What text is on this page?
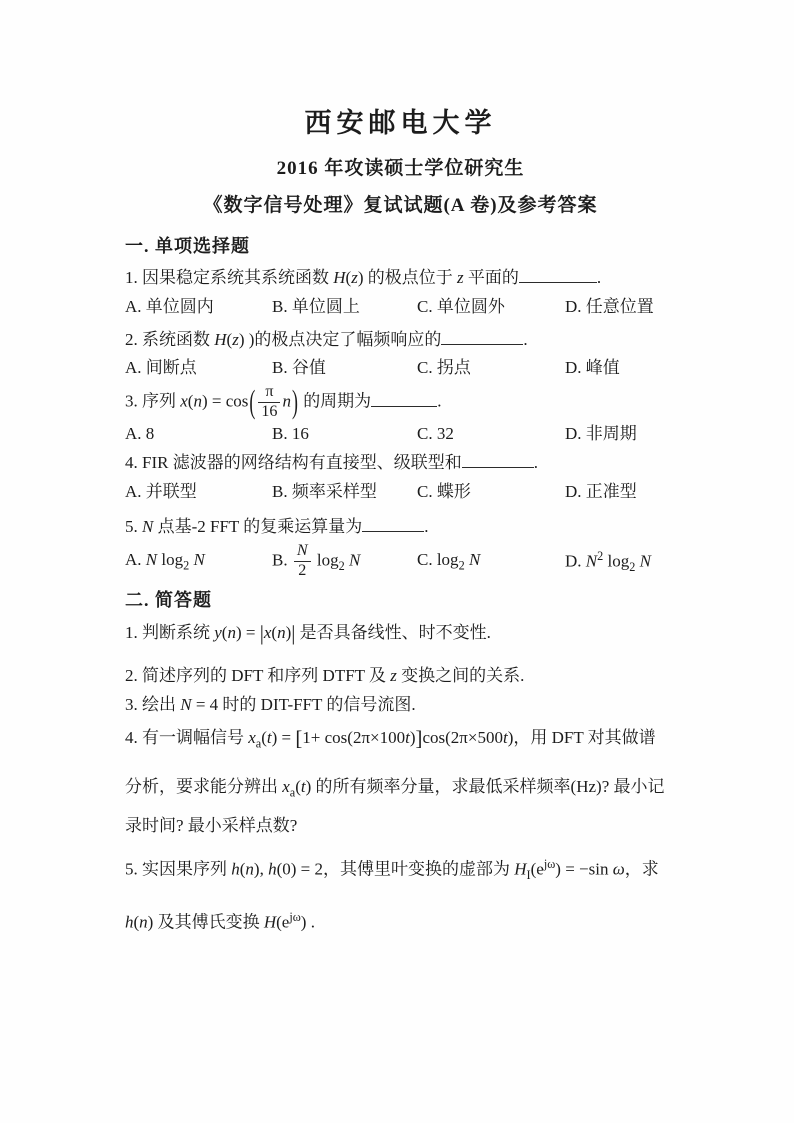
西安邮电大学
2016 年攻读硕士学位研究生
《数字信号处理》复试试题(A 卷)及参考答案
一. 单项选择题
1. 因果稳定系统其系统函数 H(z) 的极点位于 z 平面的	.
A. 单位圆内	B. 单位圆上	C. 单位圆外	D. 任意位置
2. 系统函数 H(z) )的极点决定了幅频响应的	.
A. 间断点	B. 谷值	C. 拐点	D. 峰值
3. 序列 $x(n) = \cos( \frac{\pi}{16} n)$ 的周期为	.
A. 8	B. 16	C. 32	D. 非周期
4. FIR 滤波器的网络结构有直接型、级联型和	.
A. 并联型	B. 频率采样型	C. 蝶形	D. 正准型
5. N 点基-2 FFT 的复乘运算量为	.
A. N $\log_2 N$	B. $\frac{N}{2} \log_2 N$	C. $\log_2 N$	D. $N^2$ $\log_2 N$
二. 简答题
1. 判断系统 y(n) = |x(n)| 是否具备线性、时不变性.
2. 简述序列的 DFT 和序列 DTFT 及 z 变换之间的关系.
3. 绘出 N = 4 时的 DIT-FFT 的信号流图.
4. 有一调幅信号 $x_a(t) = [1+ \cos(2\pi\times 100t)]\cos(2\pi\times 500t)$，用 DFT 对其做谱
分析，要求能分辨出 $x_a(t)$ 的所有频率分量，求最低采样频率(Hz)? 最小记
录时间? 最小采样点数?
5. 实因果序列 h(n), h(0) = 2，其傅里叶变换的虚部为 $H_I(e^{j\omega}) = -\sin$ ω，求
h(n) 及其傅氏变换 $H(e^{j\omega})$ .
